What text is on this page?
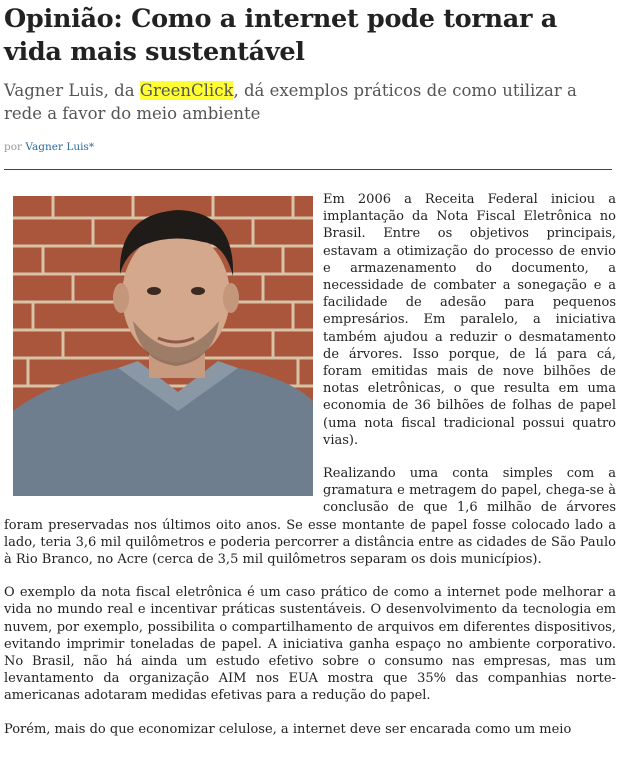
Opinião: Como a internet pode tornar a vida mais sustentável
Vagner Luis, da GreenClick, dá exemplos práticos de como utilizar a rede a favor do meio ambiente
por Vagner Luis*

Em 2006 a Receita Federal iniciou a implantação da Nota Fiscal Eletrônica no Brasil. Entre os objetivos principais, estavam a otimização do processo de envio e armazenamento do documento, a necessidade de combater a sonegação e a facilidade de adesão para pequenos empresários. Em paralelo, a iniciativa também ajudou a reduzir o desmatamento de árvores. Isso porque, de lá para cá, foram emitidas mais de nove bilhões de notas eletrônicas, o que resulta em uma economia de 36 bilhões de folhas de papel (uma nota fiscal tradicional possui quatro vias).

Realizando uma conta simples com a gramatura e metragem do papel, chega-se à conclusão de que 1,6 milhão de árvores foram preservadas nos últimos oito anos. Se esse montante de papel fosse colocado lado a lado, teria 3,6 mil quilômetros e poderia percorrer a distância entre as cidades de São Paulo à Rio Branco, no Acre (cerca de 3,5 mil quilômetros separam os dois municípios).

O exemplo da nota fiscal eletrônica é um caso prático de como a internet pode melhorar a vida no mundo real e incentivar práticas sustentáveis. O desenvolvimento da tecnologia em nuvem, por exemplo, possibilita o compartilhamento de arquivos em diferentes dispositivos, evitando imprimir toneladas de papel. A iniciativa ganha espaço no ambiente corporativo. No Brasil, não há ainda um estudo efetivo sobre o consumo nas empresas, mas um levantamento da organização AIM nos EUA mostra que 35% das companhias norte-americanas adotaram medidas efetivas para a redução do papel.

Porém, mais do que economizar celulose, a internet deve ser encarada como um meio
